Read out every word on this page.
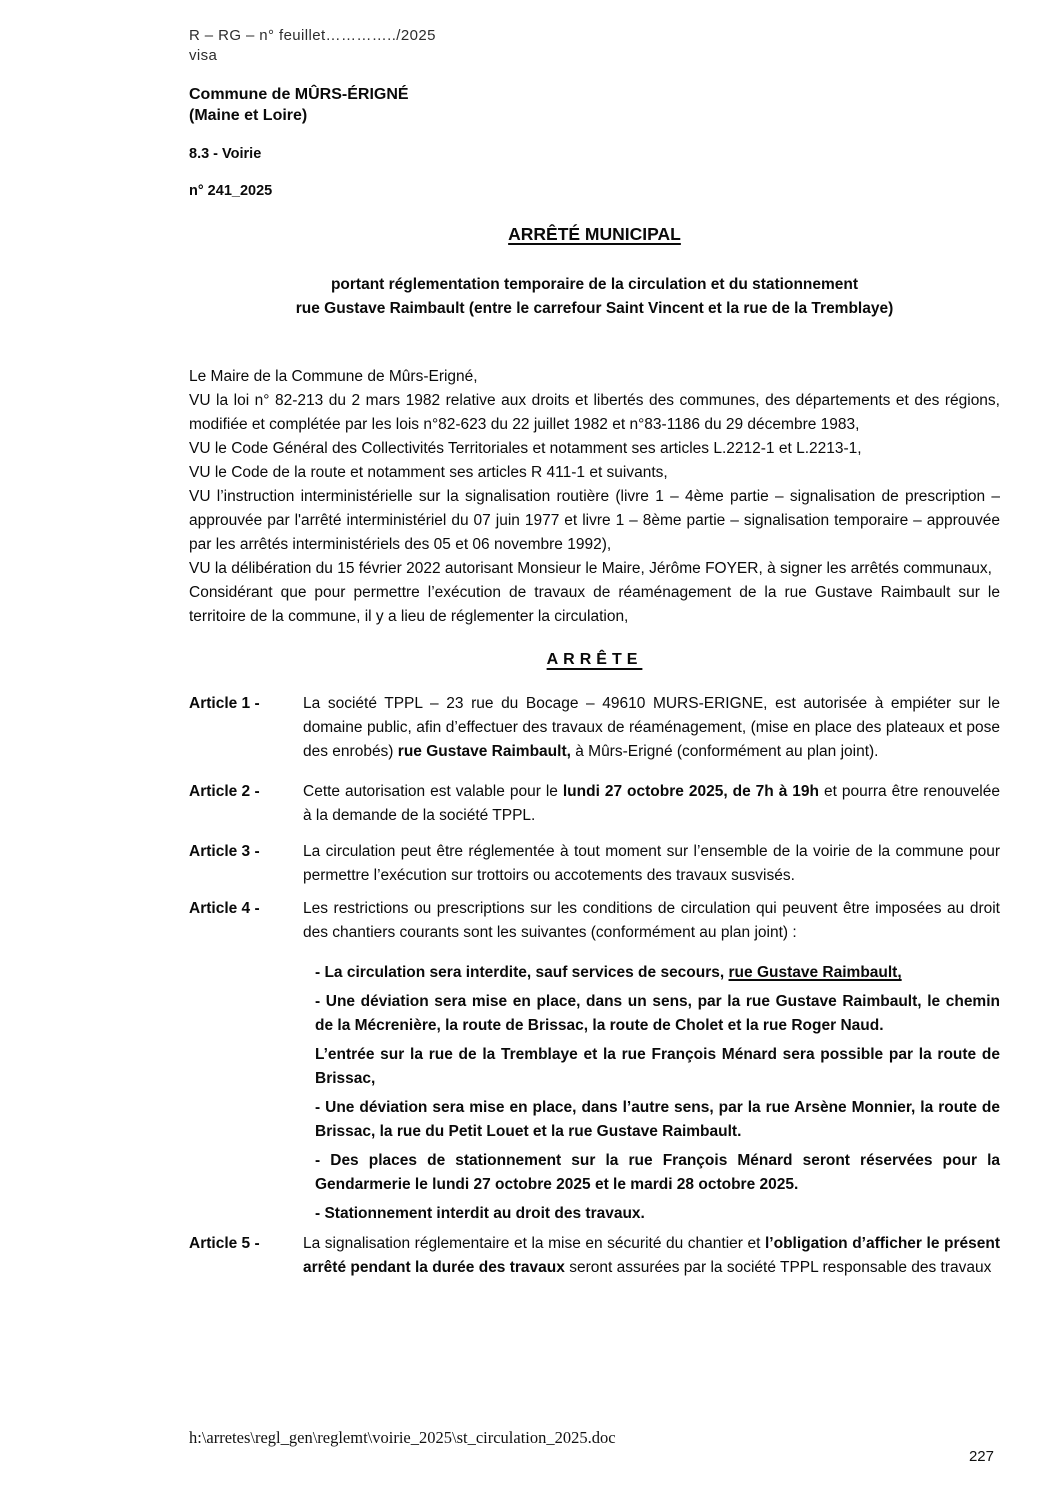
R – RG – n° feuillet…………../2025
visa
Commune de MÛRS-ÉRIGNÉ
(Maine et Loire)
8.3 - Voirie
n° 241_2025
ARRÊTÉ MUNICIPAL
portant réglementation temporaire de la circulation et du stationnement
rue Gustave Raimbault (entre le carrefour Saint Vincent et la rue de la Tremblaye)

Le Maire de la Commune de Mûrs-Erigné,

VU la loi n° 82-213 du 2 mars 1982 relative aux droits et libertés des communes, des départements et des régions, modifiée et complétée par les lois n°82-623 du 22 juillet 1982 et n°83-1186 du 29 décembre 1983,

VU le Code Général des Collectivités Territoriales et notamment ses articles L.2212-1 et L.2213-1,

VU le Code de la route et notamment ses articles R 411-1 et suivants,

VU l’instruction interministérielle sur la signalisation routière (livre 1 – 4ème partie – signalisation de prescription – approuvée par l'arrêté interministériel du 07 juin 1977 et livre 1 – 8ème partie – signalisation temporaire – approuvée par les arrêtés interministériels des 05 et 06 novembre 1992),

VU la délibération du 15 février 2022 autorisant Monsieur le Maire, Jérôme FOYER, à signer les arrêtés communaux,

Considérant que pour permettre l’exécution de travaux de réaménagement de la rue Gustave Raimbault sur le territoire de la commune, il y a lieu de réglementer la circulation,

ARRÊTE
Article 1 -	La société TPPL – 23 rue du Bocage – 49610 MURS-ERIGNE, est autorisée à empiéter sur le domaine public, afin d’effectuer des travaux de réaménagement, (mise en place des plateaux et pose des enrobés) rue Gustave Raimbault, à Mûrs-Erigné (conformément au plan joint).

Article 2 -	Cette autorisation est valable pour le lundi 27 octobre 2025, de 7h à 19h et pourra être renouvelée à la demande de la société TPPL.

Article 3 -	La circulation peut être réglementée à tout moment sur l’ensemble de la voirie de la commune pour permettre l’exécution sur trottoirs ou accotements des travaux susvisés.

Article 4 -	Les restrictions ou prescriptions sur les conditions de circulation qui peuvent être imposées au droit des chantiers courants sont les suivantes (conformément au plan joint) :

- La circulation sera interdite, sauf services de secours, rue Gustave Raimbault,

- Une déviation sera mise en place, dans un sens, par la rue Gustave Raimbault, le chemin de la Mécrenière, la route de Brissac, la route de Cholet et la rue Roger Naud.

L’entrée sur la rue de la Tremblaye et la rue François Ménard sera possible par la route de Brissac,

- Une déviation sera mise en place, dans l’autre sens, par la rue Arsène Monnier, la route de Brissac, la rue du Petit Louet et la rue Gustave Raimbault.

- Des places de stationnement sur la rue François Ménard seront réservées pour la Gendarmerie le lundi 27 octobre 2025 et le mardi 28 octobre 2025.

- Stationnement interdit au droit des travaux.

Article 5 -	La signalisation réglementaire et la mise en sécurité du chantier et l’obligation d’afficher le présent arrêté pendant la durée des travaux seront assurées par la société TPPL responsable des travaux

h:\arretes\regl_gen\reglemt\voirie_2025\st_circulation_2025.doc
227
